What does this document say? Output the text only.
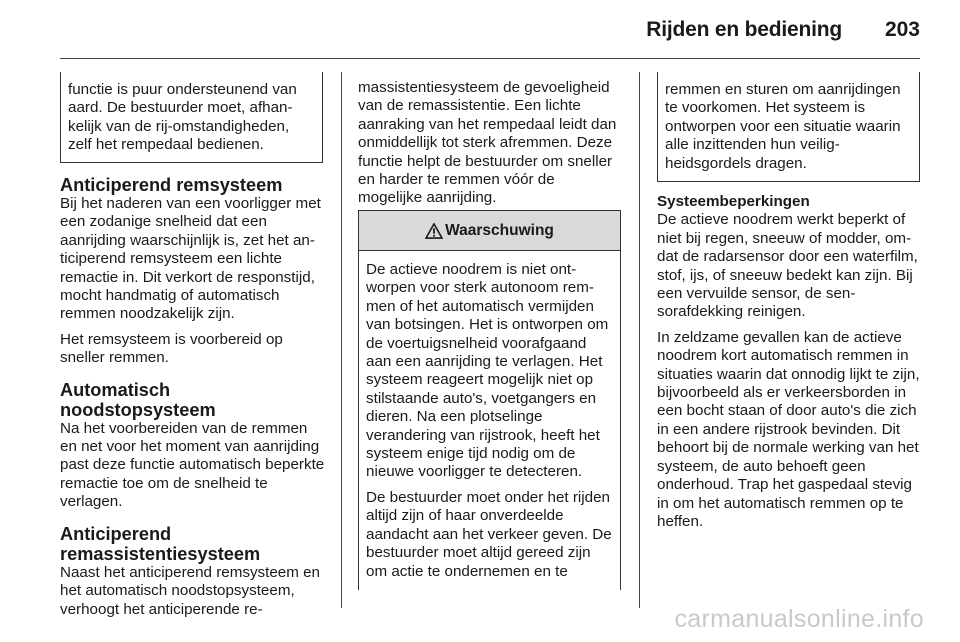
Rijden en bediening 203
functie is puur ondersteunend van aard. De bestuurder moet, afhankelijk van de rij-omstandigheden, zelf het rempedaal bedienen.
Anticiperend remsysteem

Bij het naderen van een voorligger met een zodanige snelheid dat een aanrijding waarschijnlijk is, zet het anticiperend remsysteem een lichte remactie in. Dit verkort de responstijd, mocht handmatig of automatisch remmen noodzakelijk zijn.

Het remsysteem is voorbereid op sneller remmen.

Automatisch noodstopsysteem

Na het voorbereiden van de remmen en net voor het moment van aanrijding past deze functie automatisch beperkte remactie toe om de snelheid te verlagen.

Anticiperend remassistentiesysteem

Naast het anticiperend remsysteem en het automatisch noodstopsysteem, verhoogt het anticiperende re-

massistentiesysteem de gevoeligheid van de remassistentie. Een lichte aanraking van het rempedaal leidt dan onmiddellijk tot sterk afremmen. Deze functie helpt de bestuurder om sneller en harder te remmen vóór de mogelijke aanrijding.

Waarschuwing

De actieve noodrem is niet ontworpen voor sterk autonoom remmen of het automatisch vermijden van botsingen. Het is ontworpen om de voertuigsnelheid voorafgaand aan een aanrijding te verlagen. Het systeem reageert mogelijk niet op stilstaande auto's, voetgangers en dieren. Na een plotselinge verandering van rijstrook, heeft het systeem enige tijd nodig om de nieuwe voorligger te detecteren.

De bestuurder moet onder het rijden altijd zijn of haar onverdeelde aandacht aan het verkeer geven. De bestuurder moet altijd gereed zijn om actie te ondernemen en te

remmen en sturen om aanrijdingen te voorkomen. Het systeem is ontworpen voor een situatie waarin alle inzittenden hun veiligheidsgordels dragen.
Systeembeperkingen

De actieve noodrem werkt beperkt of niet bij regen, sneeuw of modder, omdat de radarsensor door een waterfilm, stof, ijs, of sneeuw bedekt kan zijn. Bij een vervuilde sensor, de sensorafdekking reinigen.

In zeldzame gevallen kan de actieve noodrem kort automatisch remmen in situaties waarin dat onnodig lijkt te zijn, bijvoorbeeld als er verkeersborden in een bocht staan of door auto's die zich in een andere rijstrook bevinden. Dit behoort bij de normale werking van het systeem, de auto behoeft geen onderhoud. Trap het gaspedaal stevig in om het automatisch remmen op te heffen.

carmanualsonline.info
